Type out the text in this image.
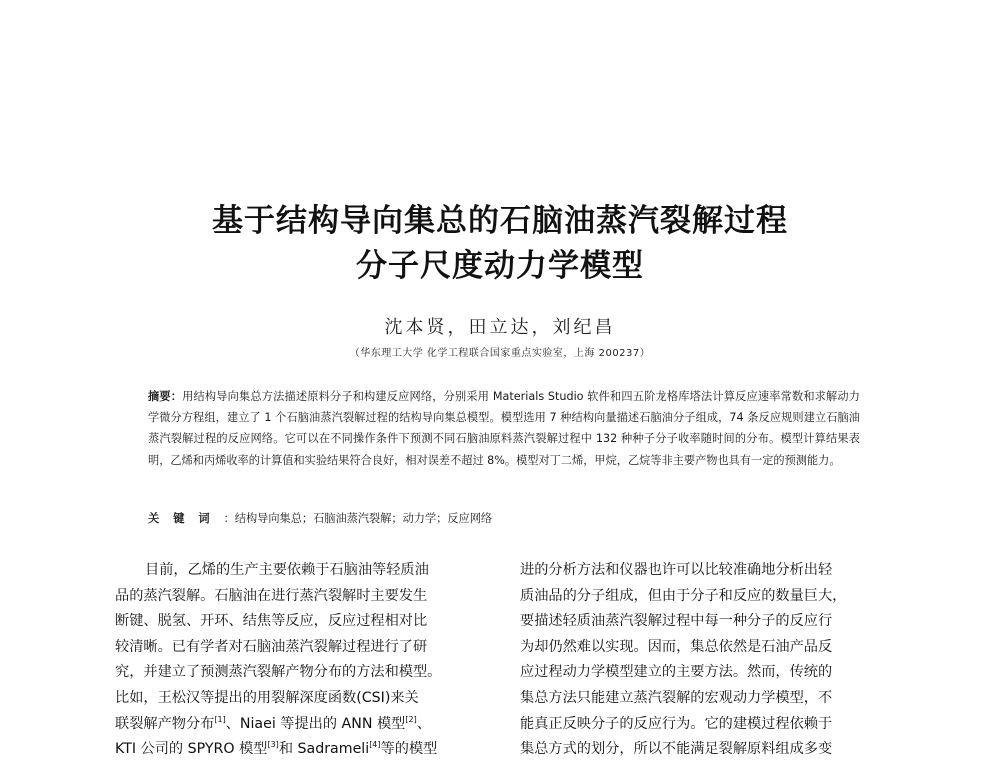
基于结构导向集总的石脑油蒸汽裂解过程
分子尺度动力学模型
沈本贤，田立达，刘纪昌
（华东理工大学 化学工程联合国家重点实验室，上海 200237）
摘要：用结构导向集总方法描述原料分子和构建反应网络，分别采用 Materials Studio 软件和四五阶龙格库塔法计算反应速率常数和求解动力学微分方程组，建立了 1 个石脑油蒸汽裂解过程的结构导向集总模型。模型选用 7 种结构向量描述石脑油分子组成，74 条反应规则建立石脑油蒸汽裂解过程的反应网络。它可以在不同操作条件下预测不同石脑油原料蒸汽裂解过程中 132 种种子分子收率随时间的分布。模型计算结果表明，乙烯和丙烯收率的计算值和实验结果符合良好，相对误差不超过 8%。模型对丁二烯，甲烷，乙烷等非主要产物也具有一定的预测能力。
关键词：结构导向集总；石脑油蒸汽裂解；动力学；反应网络
目前，乙烯的生产主要依赖于石脑油等轻质油
品的蒸汽裂解。石脑油在进行蒸汽裂解时主要发生
断键、脱氢、开环、结焦等反应，反应过程相对比
较清晰。已有学者对石脑油蒸汽裂解过程进行了研
究，并建立了预测蒸汽裂解产物分布的方法和模型。
比如，王松汉等提出的用裂解深度函数(CSI)来关
联裂解产物分布[1]、Niaei 等提出的 ANN 模型[2]、
KTI 公司的 SPYRO 模型[3]和 Sadrameli[4]等的模型
进的分析方法和仪器也许可以比较准确地分析出轻
质油品的分子组成，但由于分子和反应的数量巨大，
要描述轻质油蒸汽裂解过程中每一种分子的反应行
为却仍然难以实现。因而，集总依然是石油产品反
应过程动力学模型建立的主要方法。然而，传统的
集总方法只能建立蒸汽裂解的宏观动力学模型，不
能真正反映分子的反应行为。它的建模过程依赖于
集总方式的划分，所以不能满足裂解原料组成多变
